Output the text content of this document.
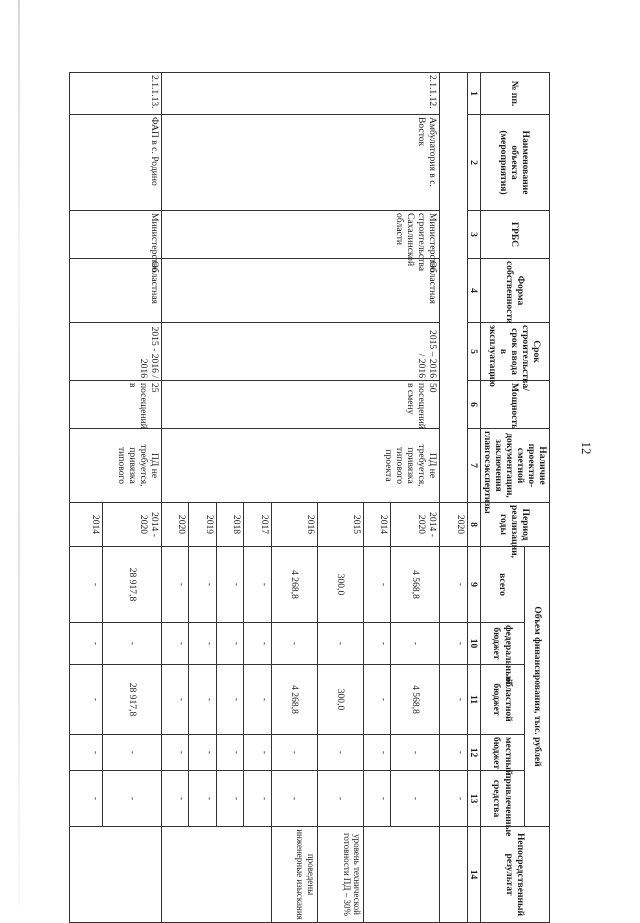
12
№ пп.	Наименование объекта (мероприятия)	ГРБС	Форма собственности	Срок строительства/срок ввода в эксплуатацию	Мощность	Наличие проектно-сметной документации, заключения главгосэкспертизы	Период реализации, годы	Объем финансирования, тыс. рублей					Непосредственный результат
								всего	федеральный бюджет	областной бюджет	местный бюджет	привлеченные средства	
1	2	3	4	5	6	7	8	9	10	11	12	13	14
							2020	-	-	-	-	-	
2.1.1.12.	Амбулатория в с. Восток	Министерство строительства Сахалинской области	Областная	2015 – 2016 / 2016	50 посещений в смену	ПД не требуется, привязка типового проекта	2014 - 2020	4 568,8	-	4 568,8	-	-	
							2014	-	-	-	-	-	
							2015	300,0	-	300,0	-	-	уровень технической готовности ПД – 30%
							2016	4 268,8	-	4 268,8	-	-	проведены инженерные изыскания
							2017	-	-	-	-	-	
							2018	-	-	-	-	-	
							2019	-	-	-	-	-	
							2020	-	-	-	-	-	
2.1.1.13.	ФАП в с. Родино	Министерство	Областная	2015 - 2016 / 2016	25 посещений в	ПД не требуется, привязка типового	2014 - 2020	28 917,8	-	28 917,8	-	-	
							2014	-	-	-	-	-	
